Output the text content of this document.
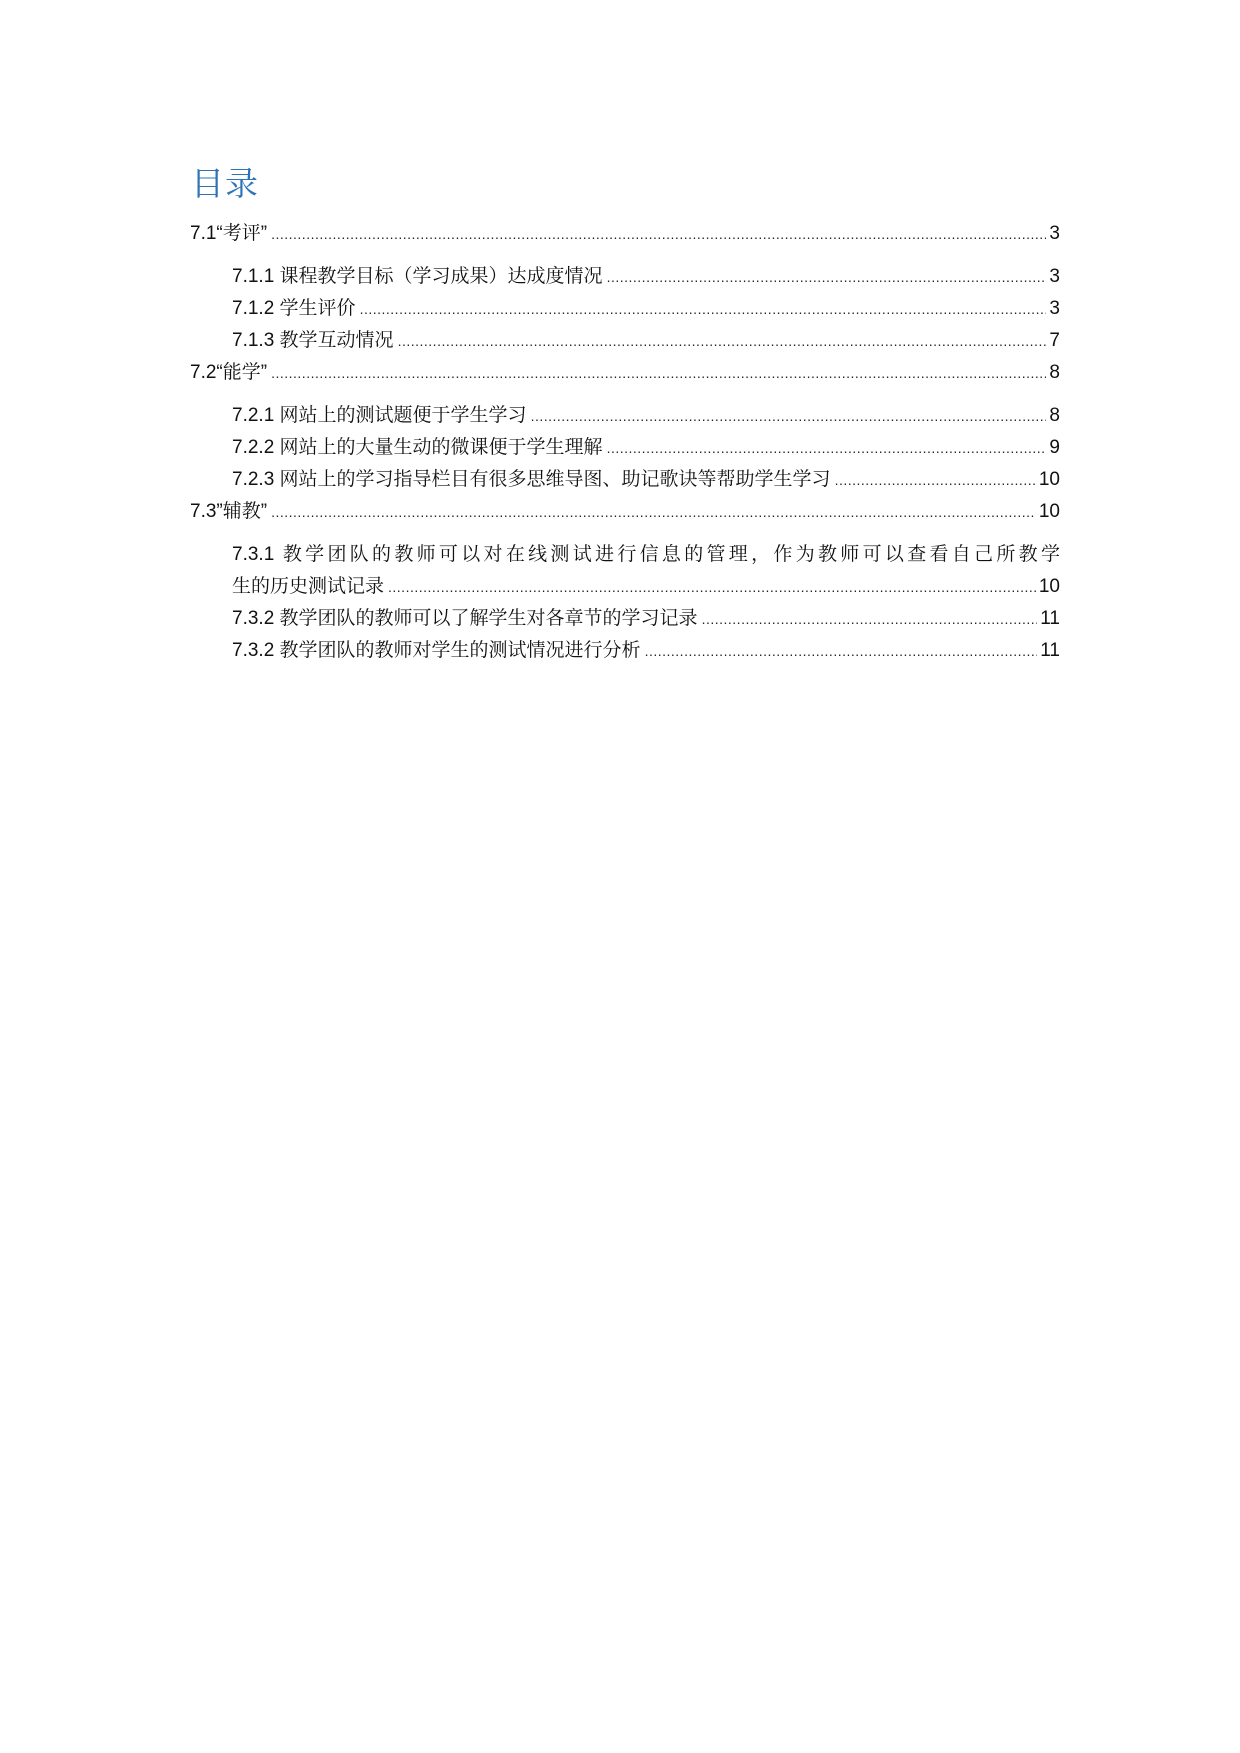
目录
7.1“考评” .....	3
7.1.1 课程教学目标（学习成果）达成度情况 .....	3
7.1.2 学生评价 .....	3
7.1.3 教学互动情况 .....	7
7.2“能学” .....	8
7.2.1 网站上的测试题便于学生学习 .....	8
7.2.2 网站上的大量生动的微课便于学生理解 .....	9
7.2.3 网站上的学习指导栏目有很多思维导图、助记歌诀等帮助学生学习 .....	10
7.3”辅教” .....	10
7.3.1 教学团队的教师可以对在线测试进行信息的管理，作为教师可以查看自己所教学
生的历史测试记录 .....	10
7.3.2 教学团队的教师可以了解学生对各章节的学习记录 .....	11
7.3.2 教学团队的教师对学生的测试情况进行分析 .....	11
